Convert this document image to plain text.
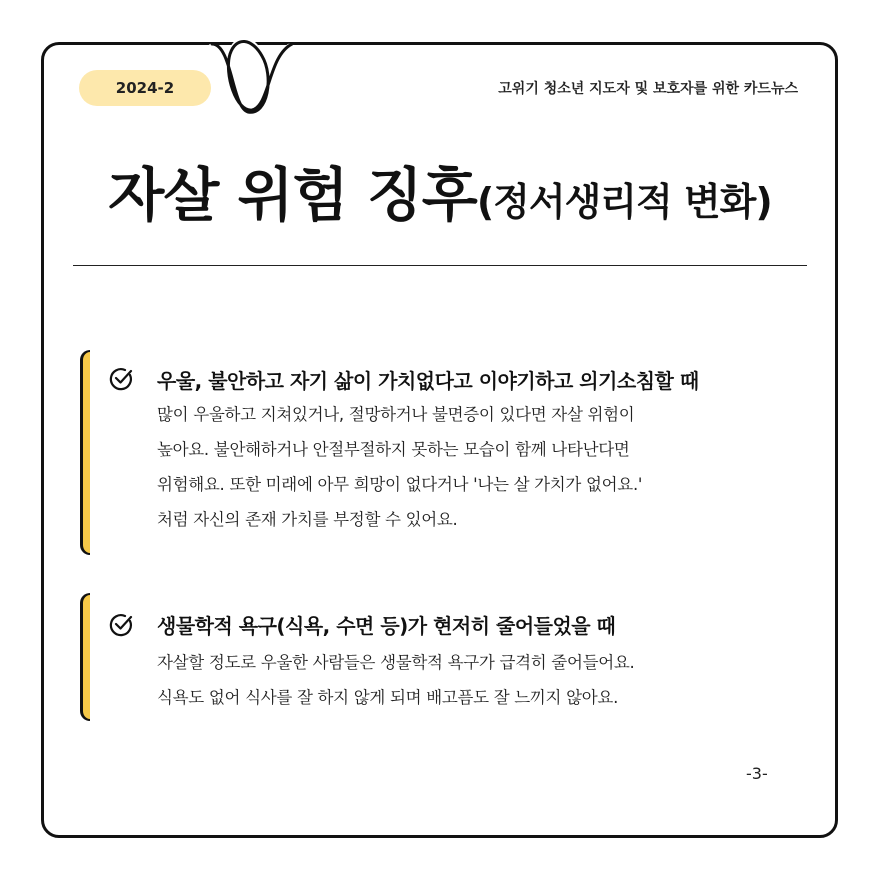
2024-2	고위기 청소년 지도자 및 보호자를 위한 카드뉴스
자살 위험 징후(정서생리적 변화)
우울, 불안하고 자기 삶이 가치없다고 이야기하고 의기소침할 때
많이 우울하고 지쳐있거나, 절망하거나 불면증이 있다면 자살 위험이
높아요. 불안해하거나 안절부절하지 못하는 모습이 함께 나타난다면
위험해요. 또한 미래에 아무 희망이 없다거나 '나는 살 가치가 없어요.'
처럼 자신의 존재 가치를 부정할 수 있어요.
생물학적 욕구(식욕, 수면 등)가 현저히 줄어들었을 때
자살할 정도로 우울한 사람들은 생물학적 욕구가 급격히 줄어들어요.
식욕도 없어 식사를 잘 하지 않게 되며 배고픔도 잘 느끼지 않아요.
-3-
